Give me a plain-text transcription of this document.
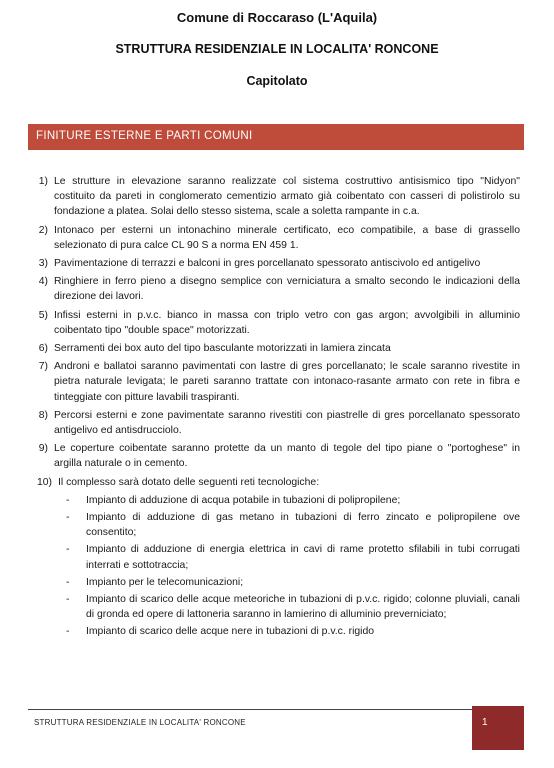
Comune di Roccaraso (L'Aquila)
STRUTTURA RESIDENZIALE IN LOCALITA' RONCONE
Capitolato
FINITURE ESTERNE E PARTI COMUNI
1) Le strutture in elevazione saranno realizzate col sistema costruttivo antisismico tipo "Nidyon" costituito da pareti in conglomerato cementizio armato già coibentato con casseri di polistirolo su fondazione a platea. Solai dello stesso sistema, scale a soletta rampante in c.a.
2) Intonaco per esterni un intonachino minerale certificato, eco compatibile, a base di grassello selezionato di pura calce CL 90 S a norma EN 459 1.
3) Pavimentazione di terrazzi e balconi in gres porcellanato spessorato antiscivolo ed antigelivo
4) Ringhiere in ferro pieno a disegno semplice con verniciatura a smalto secondo le indicazioni della direzione dei lavori.
5) Infissi esterni in p.v.c. bianco in massa con triplo vetro con gas argon; avvolgibili in alluminio coibentato tipo "double space" motorizzati.
6) Serramenti dei box auto del tipo basculante motorizzati in lamiera zincata
7) Androni e ballatoi saranno pavimentati con lastre di gres porcellanato; le scale saranno rivestite in pietra naturale levigata; le pareti saranno trattate con intonaco-rasante armato con rete in fibra e tinteggiate con pitture lavabili traspiranti.
8) Percorsi esterni e zone pavimentate saranno rivestiti con piastrelle di gres porcellanato spessorato antigelivo ed antisdrucciolo.
9) Le coperture coibentate saranno protette da un manto di tegole del tipo piane o "portoghese" in argilla naturale o in cemento.
10) Il complesso sarà dotato delle seguenti reti tecnologiche:
-	Impianto di adduzione di acqua potabile in tubazioni di polipropilene;
-	Impianto di adduzione di gas metano in tubazioni di ferro zincato e polipropilene ove consentito;
-	Impianto di adduzione di energia elettrica in cavi di rame protetto sfilabili in tubi corrugati interrati e sottotraccia;
-	Impianto per le telecomunicazioni;
-	Impianto di scarico delle acque meteoriche in tubazioni di p.v.c. rigido; colonne pluviali, canali di gronda ed opere di lattoneria saranno in lamierino di alluminio preverniciato;
-	Impianto di scarico delle acque nere in tubazioni di p.v.c. rigido
STRUTTURA RESIDENZIALE IN LOCALITA' RONCONE	1
